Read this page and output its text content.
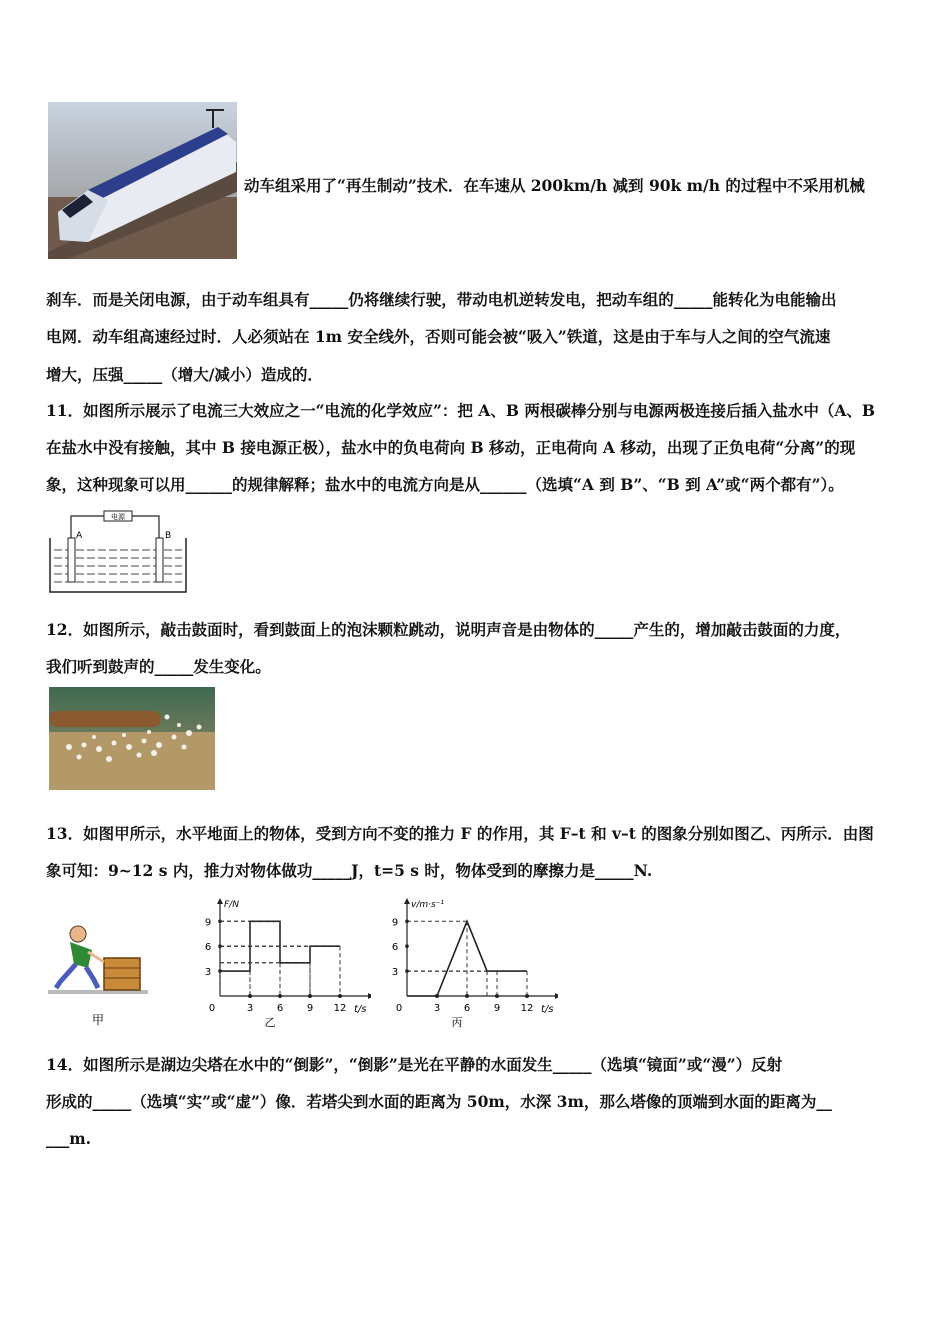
动车组采用了“再生制动”技术．在车速从 200km/h 减到 90k m/h 的过程中不采用机械
刹车．而是关闭电源，由于动车组具有_____仍将继续行驶，带动电机逆转发电，把动车组的_____能转化为电能输出
电网．动车组高速经过时．人必须站在 1m 安全线外，否则可能会被“吸入”铁道，这是由于车与人之间的空气流速
增大，压强_____（增大/减小）造成的．
11．如图所示展示了电流三大效应之一“电流的化学效应”：把 A、B 两根碳棒分别与电源两极连接后插入盐水中（A、B
在盐水中没有接触，其中 B 接电源正极），盐水中的负电荷向 B 移动，正电荷向 A 移动，出现了正负电荷“分离”的现
象，这种现象可以用______的规律解释；盐水中的电流方向是从______（选填“A 到 B”、“B 到 A”或“两个都有”）。
电源
A	B
12．如图所示，敲击鼓面时，看到鼓面上的泡沫颗粒跳动，说明声音是由物体的_____产生的，增加敲击鼓面的力度，
我们听到鼓声的_____发生变化。
13．如图甲所示，水平地面上的物体，受到方向不变的推力 F 的作用，其 F–t 和 v–t 的图象分别如图乙、丙所示．由图
象可知：9~12 s 内，推力对物体做功_____J，t=5 s 时，物体受到的摩擦力是_____N.
甲
F/N
t/s
0	3 6 9 12
3
6
9
乙
v/m·s⁻¹
t/s
0	3 6 9 12
3
6
9
丙
14．如图所示是湖边尖塔在水中的“倒影”，“倒影”是光在平静的水面发生_____（选填“镜面”或“漫”）反射
形成的_____（选填“实”或“虚”）像．若塔尖到水面的距离为 50m，水深 3m，那么塔像的顶端到水面的距离为__
___m.
